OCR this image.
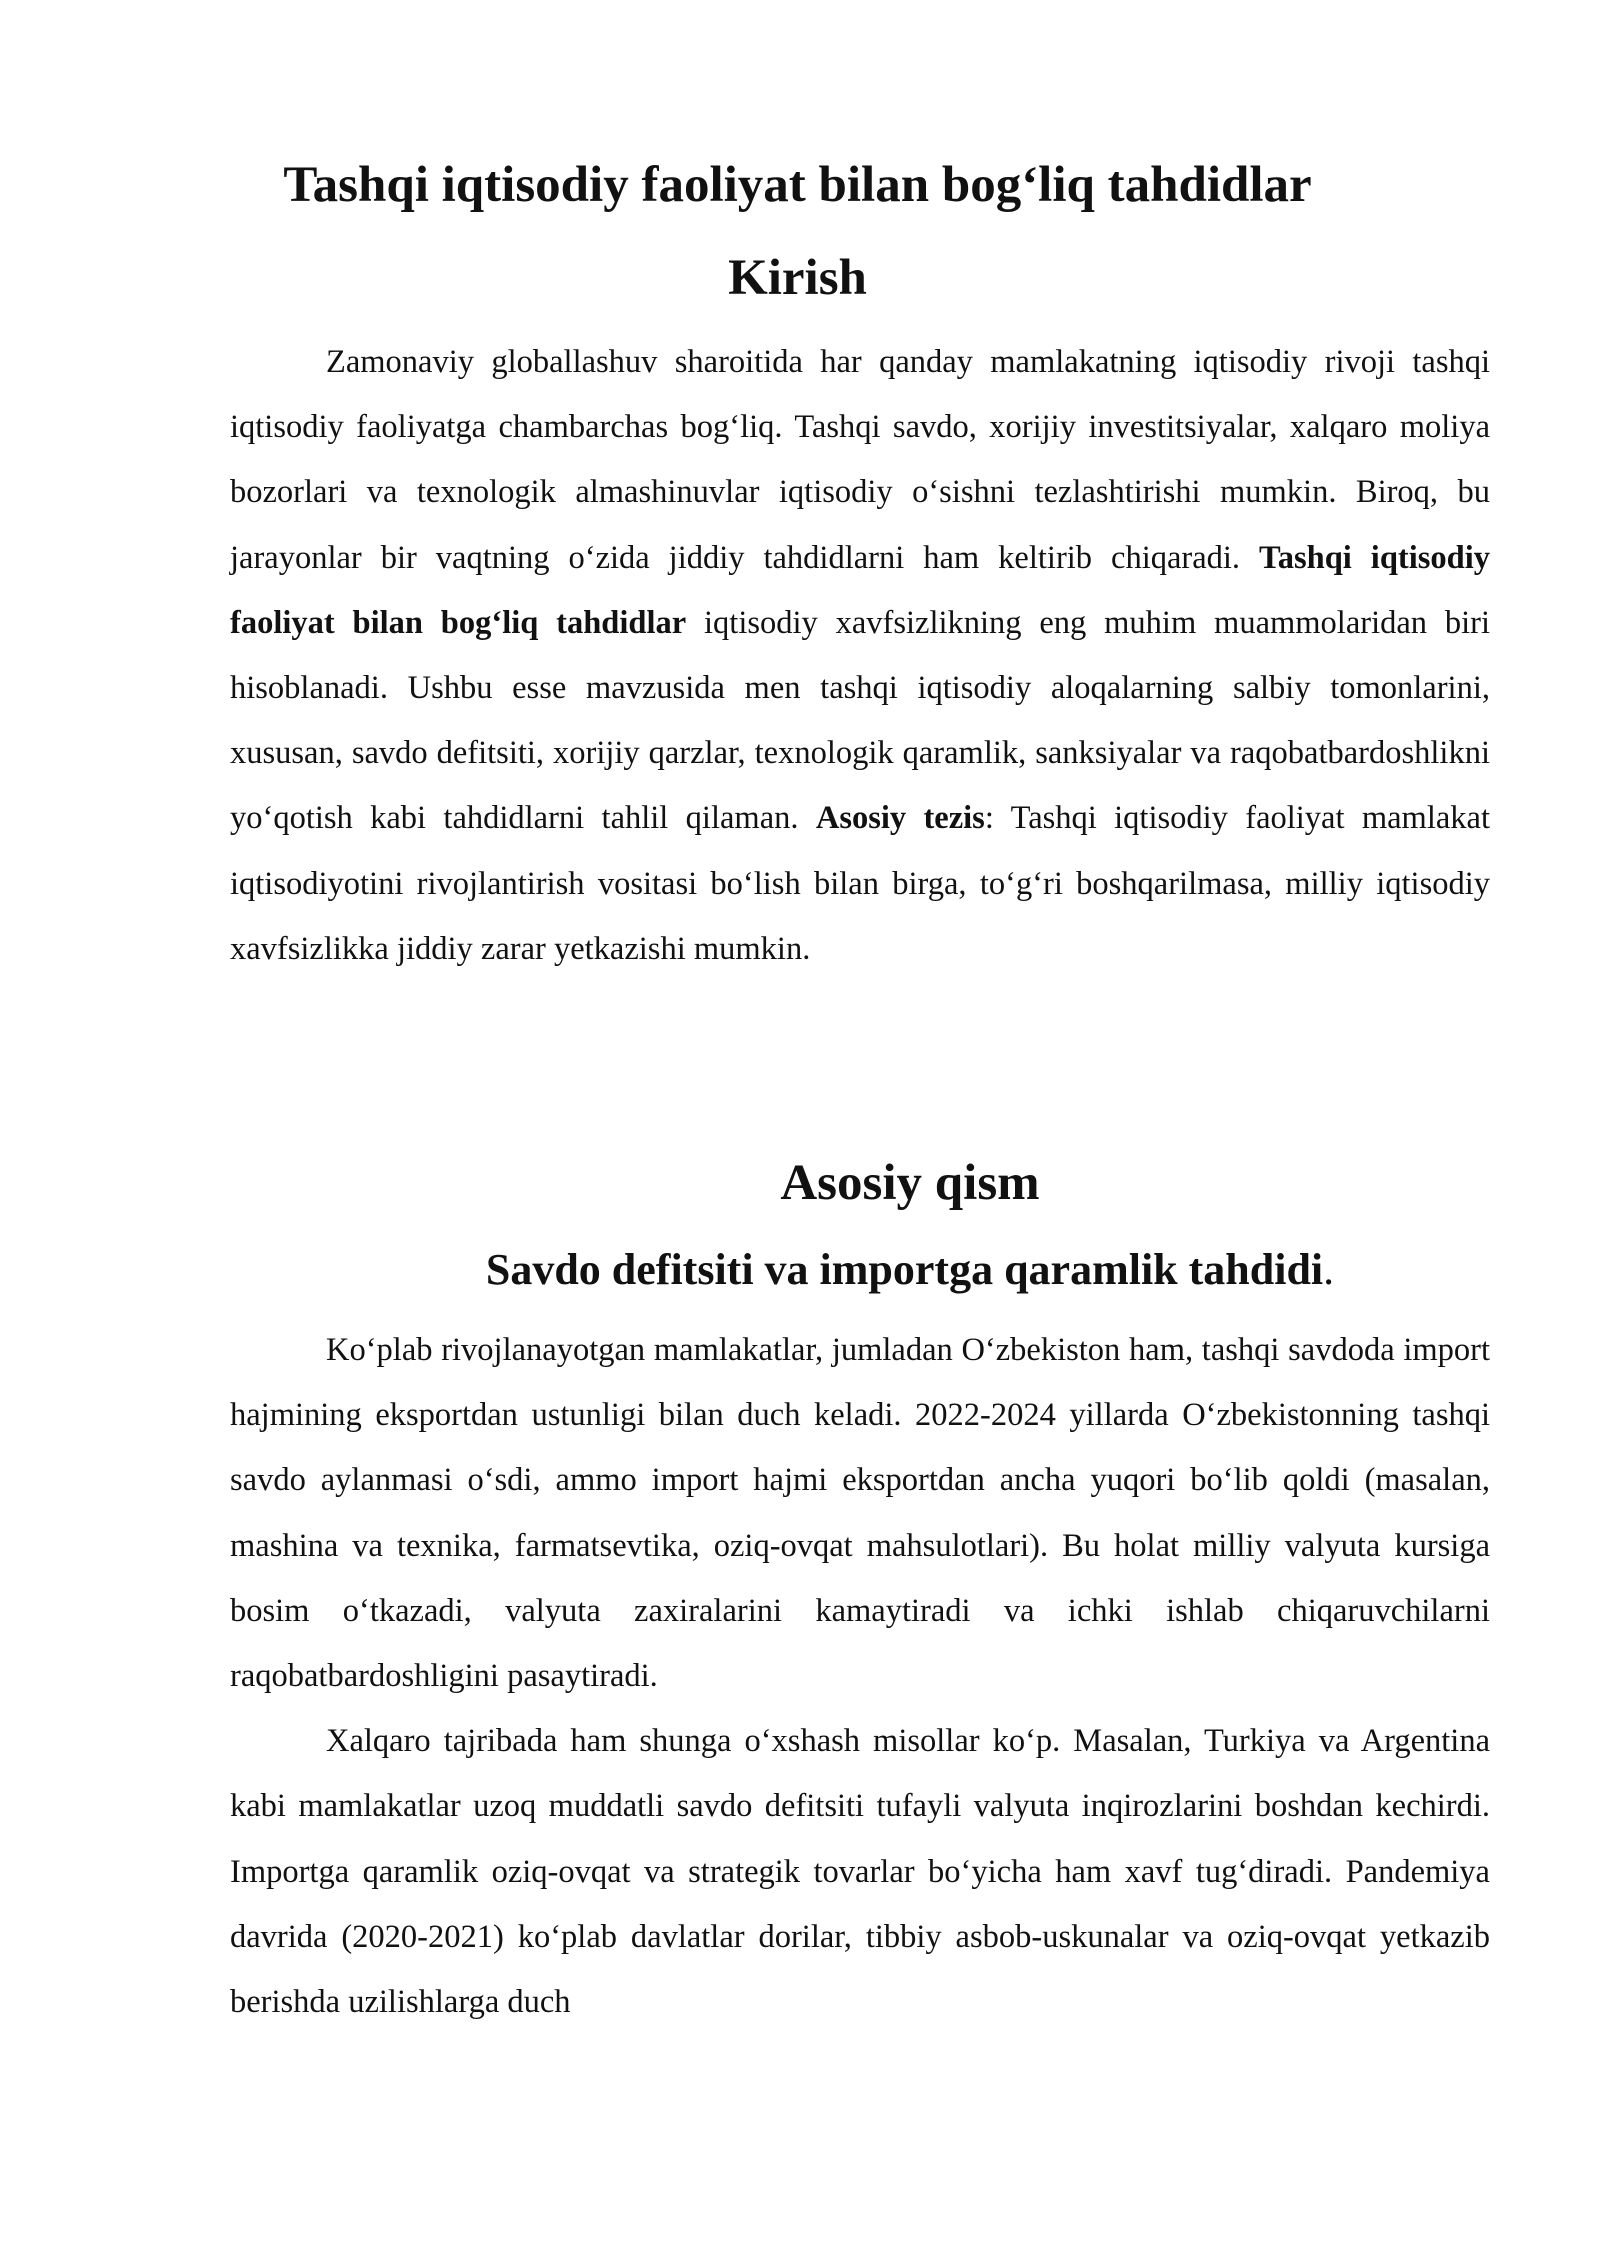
Tashqi iqtisodiy faoliyat bilan bog‘liq tahdidlar
Kirish

Zamonaviy globallashuv sharoitida har qanday mamlakatning iqtisodiy rivoji tashqi iqtisodiy faoliyatga chambarchas bog‘liq. Tashqi savdo, xorijiy investitsiyalar, xalqaro moliya bozorlari va texnologik almashinuvlar iqtisodiy o‘sishni tezlashtirishi mumkin. Biroq, bu jarayonlar bir vaqtning o‘zida jiddiy tahdidlarni ham keltirib chiqaradi. Tashqi iqtisodiy faoliyat bilan bog‘liq tahdidlar iqtisodiy xavfsizlikning eng muhim muammolaridan biri hisoblanadi. Ushbu esse mavzusida men tashqi iqtisodiy aloqalarning salbiy tomonlarini, xususan, savdo defitsiti, xorijiy qarzlar, texnologik qaramlik, sanksiyalar va raqobatbardoshlikni yo‘qotish kabi tahdidlarni tahlil qilaman. Asosiy tezis: Tashqi iqtisodiy faoliyat mamlakat iqtisodiyotini rivojlantirish vositasi bo‘lish bilan birga, to‘g‘ri boshqarilmasa, milliy iqtisodiy xavfsizlikka jiddiy zarar yetkazishi mumkin.

Asosiy qism
Savdo defitsiti va importga qaramlik tahdidi.

Ko‘plab rivojlanayotgan mamlakatlar, jumladan O‘zbekiston ham, tashqi savdoda import hajmining eksportdan ustunligi bilan duch keladi. 2022-2024 yillarda O‘zbekistonning tashqi savdo aylanmasi o‘sdi, ammo import hajmi eksportdan ancha yuqori bo‘lib qoldi (masalan, mashina va texnika, farmatsevtika, oziq-ovqat mahsulotlari). Bu holat milliy valyuta kursiga bosim o‘tkazadi, valyuta zaxiralarini kamaytiradi va ichki ishlab chiqaruvchilarni raqobatbardoshligini pasaytiradi.

Xalqaro tajribada ham shunga o‘xshash misollar ko‘p. Masalan, Turkiya va Argentina kabi mamlakatlar uzoq muddatli savdo defitsiti tufayli valyuta inqirozlarini boshdan kechirdi. Importga qaramlik oziq-ovqat va strategik tovarlar bo‘yicha ham xavf tug‘diradi. Pandemiya davrida (2020-2021) ko‘plab davlatlar dorilar, tibbiy asbob-uskunalar va oziq-ovqat yetkazib berishda uzilishlarga duch
